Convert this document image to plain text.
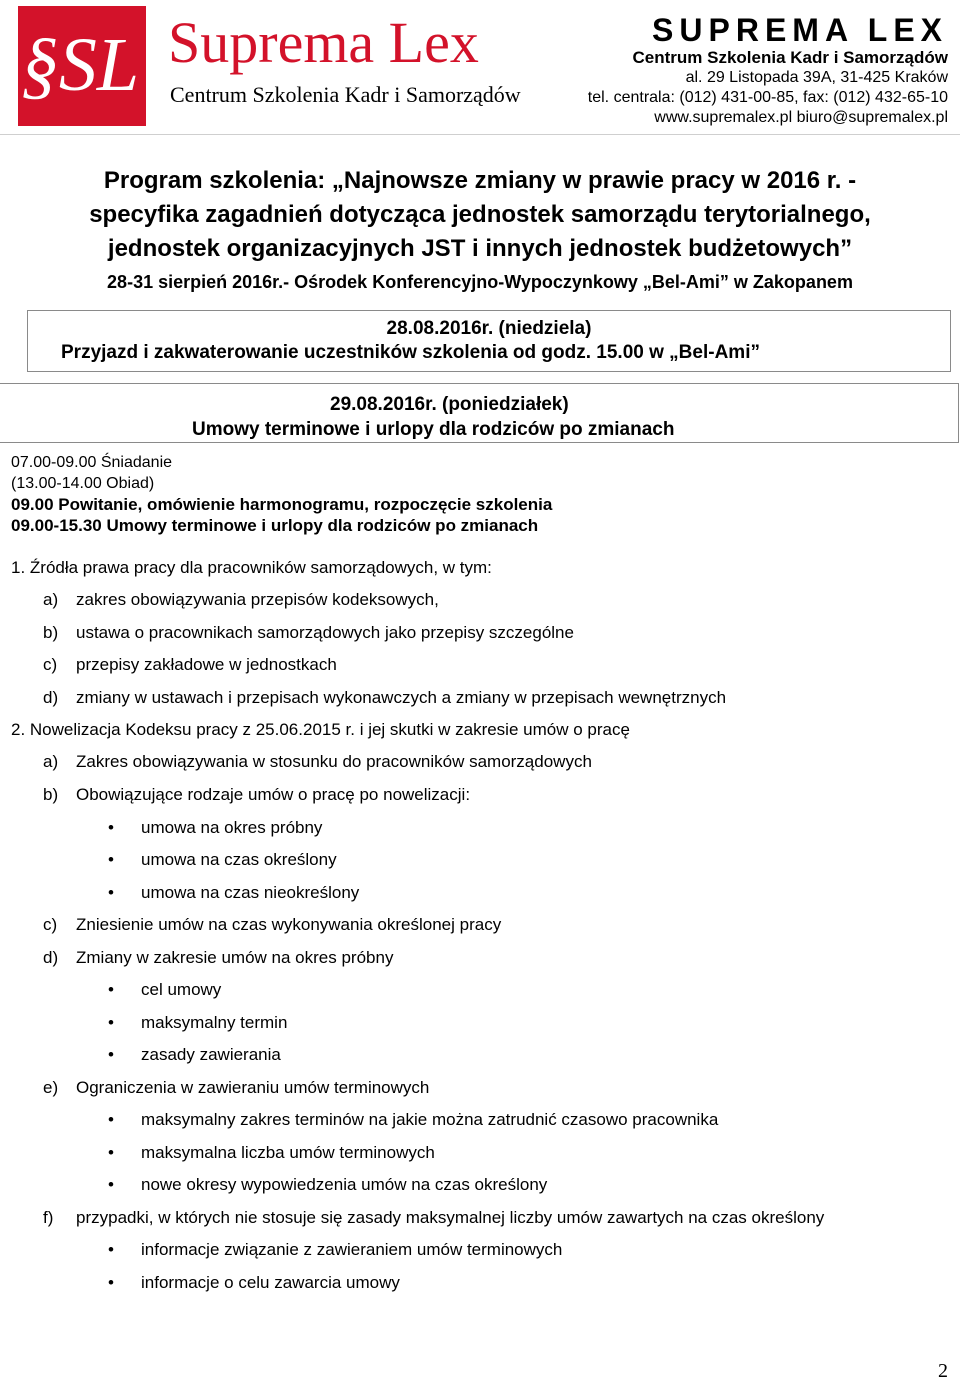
§SL Suprema Lex
Centrum Szkolenia Kadr i Samorządów
SUPREMA LEX
Centrum Szkolenia Kadr i Samorządów
al. 29 Listopada 39A, 31-425 Kraków
tel. centrala: (012) 431-00-85, fax: (012) 432-65-10
www.supremalex.pl biuro@supremalex.pl
Program szkolenia: „Najnowsze zmiany w prawie pracy w 2016 r. -
specyfika zagadnień dotycząca jednostek samorządu terytorialnego,
jednostek organizacyjnych JST i innych jednostek budżetowych”
28-31 sierpień 2016r.- Ośrodek Konferencyjno-Wypoczynkowy „Bel-Ami” w Zakopanem
28.08.2016r. (niedziela)
Przyjazd i zakwaterowanie uczestników szkolenia od godz. 15.00 w „Bel-Ami”
29.08.2016r. (poniedziałek)
Umowy terminowe i urlopy dla rodziców po zmianach
07.00-09.00 Śniadanie
(13.00-14.00 Obiad)
09.00 Powitanie, omówienie harmonogramu, rozpoczęcie szkolenia
09.00-15.30 Umowy terminowe i urlopy dla rodziców po zmianach
1. Źródła prawa pracy dla pracowników samorządowych, w tym:
a) zakres obowiązywania przepisów kodeksowych,
b) ustawa o pracownikach samorządowych jako przepisy szczególne
c) przepisy zakładowe w jednostkach
d) zmiany w ustawach i przepisach wykonawczych a zmiany w przepisach wewnętrznych
2. Nowelizacja Kodeksu pracy z 25.06.2015 r. i jej skutki w zakresie umów o pracę
a) Zakres obowiązywania w stosunku do pracowników samorządowych
b) Obowiązujące rodzaje umów o pracę po nowelizacji:
• umowa na okres próbny
• umowa na czas określony
• umowa na czas nieokreślony
c) Zniesienie umów na czas wykonywania określonej pracy
d) Zmiany w zakresie umów na okres próbny
• cel umowy
• maksymalny termin
• zasady zawierania
e) Ograniczenia w zawieraniu umów terminowych
• maksymalny zakres terminów na jakie można zatrudnić czasowo pracownika
• maksymalna liczba umów terminowych
• nowe okresy wypowiedzenia umów na czas określony
f) przypadki, w których nie stosuje się zasady maksymalnej liczby umów zawartych na czas określony
• informacje związanie z zawieraniem umów terminowych
• informacje o celu zawarcia umowy
2
